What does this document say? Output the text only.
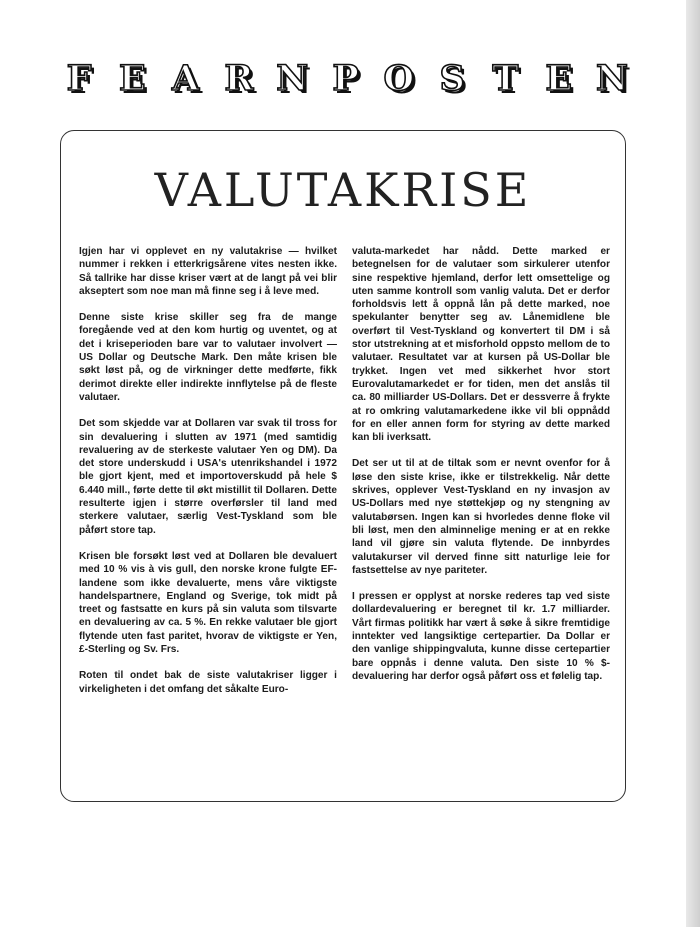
F E A R N P O S T E N
VALUTAKRISE

Igjen har vi opplevet en ny valutakrise — hvilket nummer i rekken i etterkrigsårene vites nesten ikke. Så tallrike har disse kriser vært at de langt på vei blir akseptert som noe man må finne seg i å leve med.

Denne siste krise skiller seg fra de mange foregående ved at den kom hurtig og uventet, og at det i kriseperioden bare var to valutaer involvert — US Dollar og Deutsche Mark. Den måte krisen ble søkt løst på, og de virkninger dette medførte, fikk derimot direkte eller indirekte innflytelse på de fleste valutaer.

Det som skjedde var at Dollaren var svak til tross for sin devaluering i slutten av 1971 (med samtidig revaluering av de sterkeste valutaer Yen og DM). Da det store underskudd i USA's utenrikshandel i 1972 ble gjort kjent, med et importoverskudd på hele $ 6.440 mill., førte dette til økt mistillit til Dollaren. Dette resulterte igjen i større overførsler til land med sterkere valutaer, særlig Vest-Tyskland som ble påført store tap.

Krisen ble forsøkt løst ved at Dollaren ble devaluert med 10 % vis à vis gull, den norske krone fulgte EF-landene som ikke devaluerte, mens våre viktigste handelspartnere, England og Sverige, tok midt på treet og fastsatte en kurs på sin valuta som tilsvarte en devaluering av ca. 5 %. En rekke valutaer ble gjort flytende uten fast paritet, hvorav de viktigste er Yen, £-Sterling og Sv. Frs.

Roten til ondet bak de siste valutakriser ligger i virkeligheten i det omfang det såkalte Euro-

valuta-markedet har nådd. Dette marked er betegnelsen for de valutaer som sirkulerer utenfor sine respektive hjemland, derfor lett omsettelige og uten samme kontroll som vanlig valuta. Det er derfor forholdsvis lett å oppnå lån på dette marked, noe spekulanter benytter seg av. Lånemidlene ble overført til Vest-Tyskland og konvertert til DM i så stor utstrekning at et misforhold oppsto mellom de to valutaer. Resultatet var at kursen på US-Dollar ble trykket. Ingen vet med sikkerhet hvor stort Eurovalutamarkedet er for tiden, men det anslås til ca. 80 milliarder US-Dollars. Det er dessverre å frykte at ro omkring valutamarkedene ikke vil bli oppnådd for en eller annen form for styring av dette marked kan bli iverksatt.

Det ser ut til at de tiltak som er nevnt ovenfor for å løse den siste krise, ikke er tilstrekkelig. Når dette skrives, opplever Vest-Tyskland en ny invasjon av US-Dollars med nye støttekjøp og ny stengning av valutabørsen. Ingen kan si hvorledes denne floke vil bli løst, men den alminnelige mening er at en rekke land vil gjøre sin valuta flytende. De innbyrdes valutakurser vil derved finne sitt naturlige leie for fastsettelse av nye pariteter.

I pressen er opplyst at norske rederes tap ved siste dollardevaluering er beregnet til kr. 1.7 milliarder. Vårt firmas politikk har vært å søke å sikre fremtidige inntekter ved langsiktige certepartier. Da Dollar er den vanlige shippingvaluta, kunne disse certepartier bare oppnås i denne valuta. Den siste 10 % $-devaluering har derfor også påført oss et følelig tap.
